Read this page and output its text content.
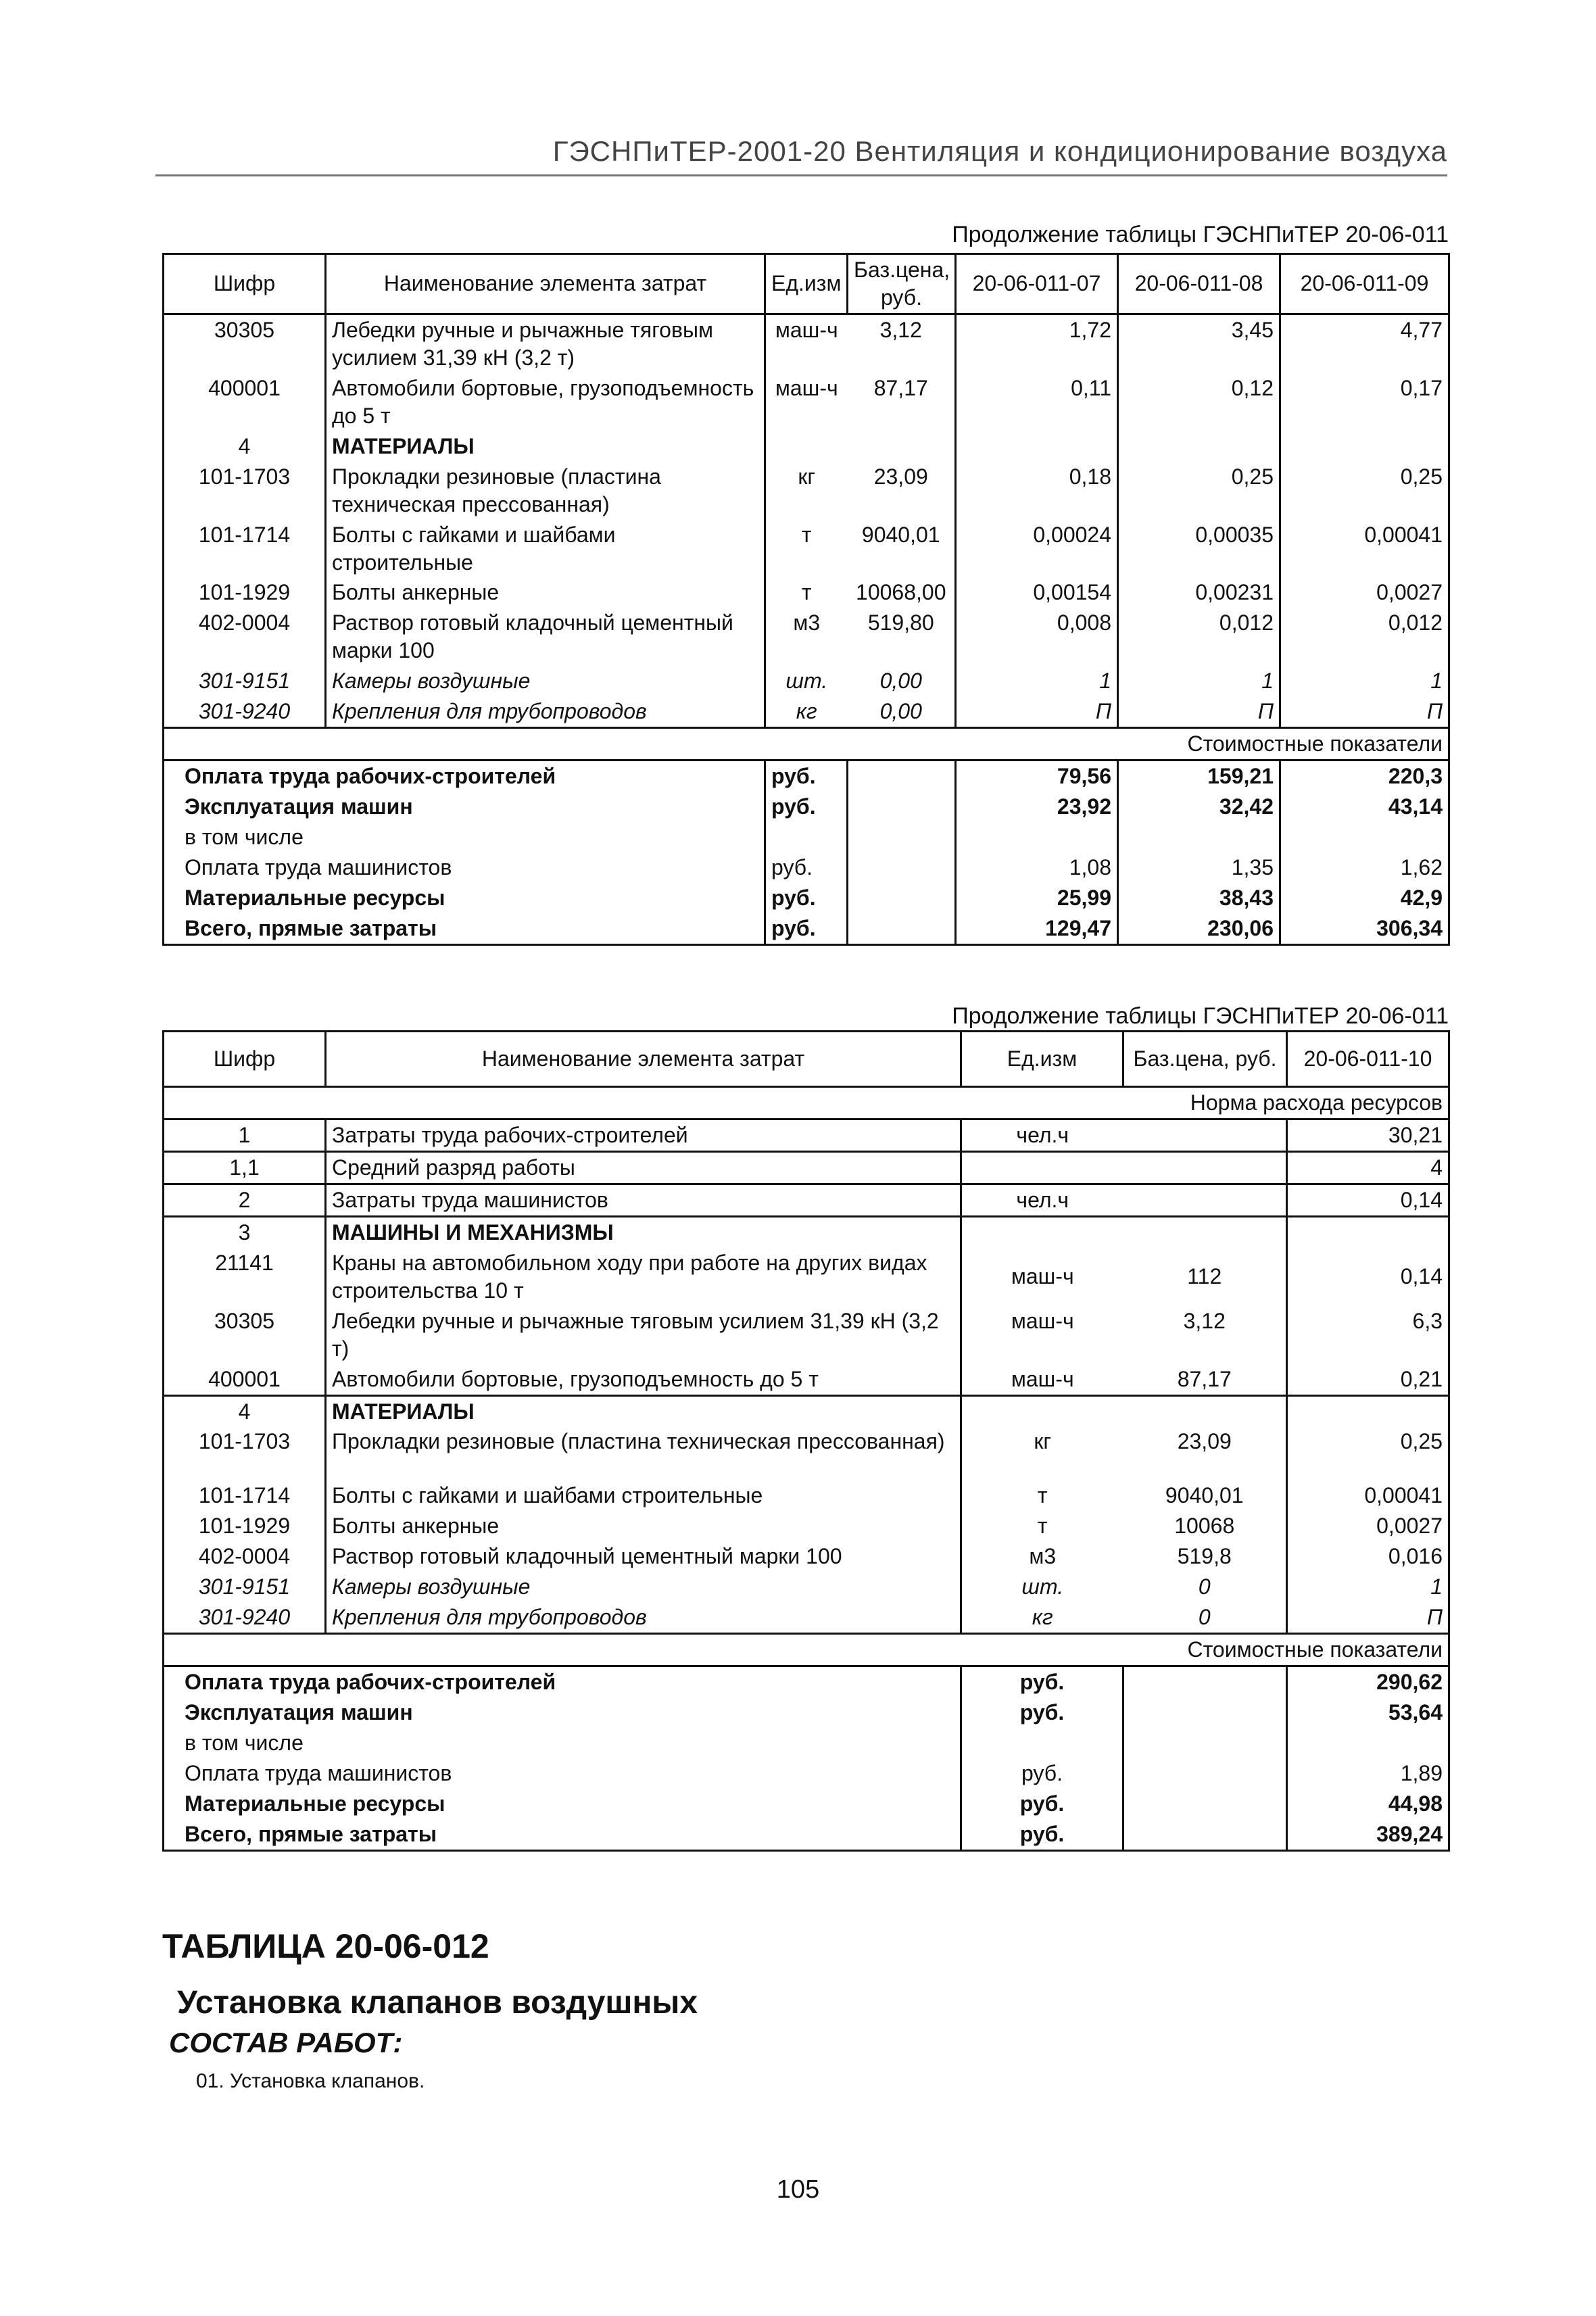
ГЭСНПиТЕР-2001-20 Вентиляция и кондиционирование воздуха
Продолжение таблицы ГЭСНПиТЕР 20-06-011
Шифр	Наименование элемента затрат	Ед.изм	Баз.цена, руб.	20-06-011-07	20-06-011-08	20-06-011-09
30305	Лебедки ручные и рычажные тяговым усилием 31,39 кН (3,2 т)	маш-ч	3,12	1,72	3,45	4,77
400001	Автомобили бортовые, грузоподъемность до 5 т	маш-ч	87,17	0,11	0,12	0,17
4	МАТЕРИАЛЫ					
101-1703	Прокладки резиновые (пластина техническая прессованная)	кг	23,09	0,18	0,25	0,25
101-1714	Болты с гайками и шайбами строительные	т	9040,01	0,00024	0,00035	0,00041
101-1929	Болты анкерные	т	10068,00	0,00154	0,00231	0,0027
402-0004	Раствор готовый кладочный цементный марки 100	м3	519,80	0,008	0,012	0,012
301-9151	Камеры воздушные	шт.	0,00	1	1	1
301-9240	Крепления для трубопроводов	кг	0,00	П	П	П
Стоимостные показатели						
Оплата труда рабочих-строителей		руб.		79,56	159,21	220,3
Эксплуатация машин		руб.		23,92	32,42	43,14
в том числе						
Оплата труда машинистов		руб.		1,08	1,35	1,62
Материальные ресурсы		руб.		25,99	38,43	42,9
Всего, прямые затраты		руб.		129,47	230,06	306,34
Продолжение таблицы ГЭСНПиТЕР 20-06-011
Шифр	Наименование элемента затрат	Ед.изм	Баз.цена, руб.	20-06-011-10
Норма расхода ресурсов				
1	Затраты труда рабочих-строителей	чел.ч		30,21
1,1	Средний разряд работы			4
2	Затраты труда машинистов	чел.ч		0,14
3	МАШИНЫ И МЕХАНИЗМЫ			
21141	Краны на автомобильном ходу при работе на других видах строительства 10 т	маш-ч	112	0,14
30305	Лебедки ручные и рычажные тяговым усилием 31,39 кН (3,2 т)	маш-ч	3,12	6,3
400001	Автомобили бортовые, грузоподъемность до 5 т	маш-ч	87,17	0,21
4	МАТЕРИАЛЫ			
101-1703	Прокладки резиновые (пластина техническая прессованная)	кг	23,09	0,25
101-1714	Болты с гайками и шайбами строительные	т	9040,01	0,00041
101-1929	Болты анкерные	т	10068	0,0027
402-0004	Раствор готовый кладочный цементный марки 100	м3	519,8	0,016
301-9151	Камеры воздушные	шт.	0	1
301-9240	Крепления для трубопроводов	кг	0	П
Стоимостные показатели				
Оплата труда рабочих-строителей		руб.		290,62
Эксплуатация машин		руб.		53,64
в том числе				
Оплата труда машинистов		руб.		1,89
Материальные ресурсы		руб.		44,98
Всего, прямые затраты		руб.		389,24
ТАБЛИЦА 20-06-012
Установка клапанов воздушных
СОСТАВ РАБОТ:
01. Установка клапанов.
105
